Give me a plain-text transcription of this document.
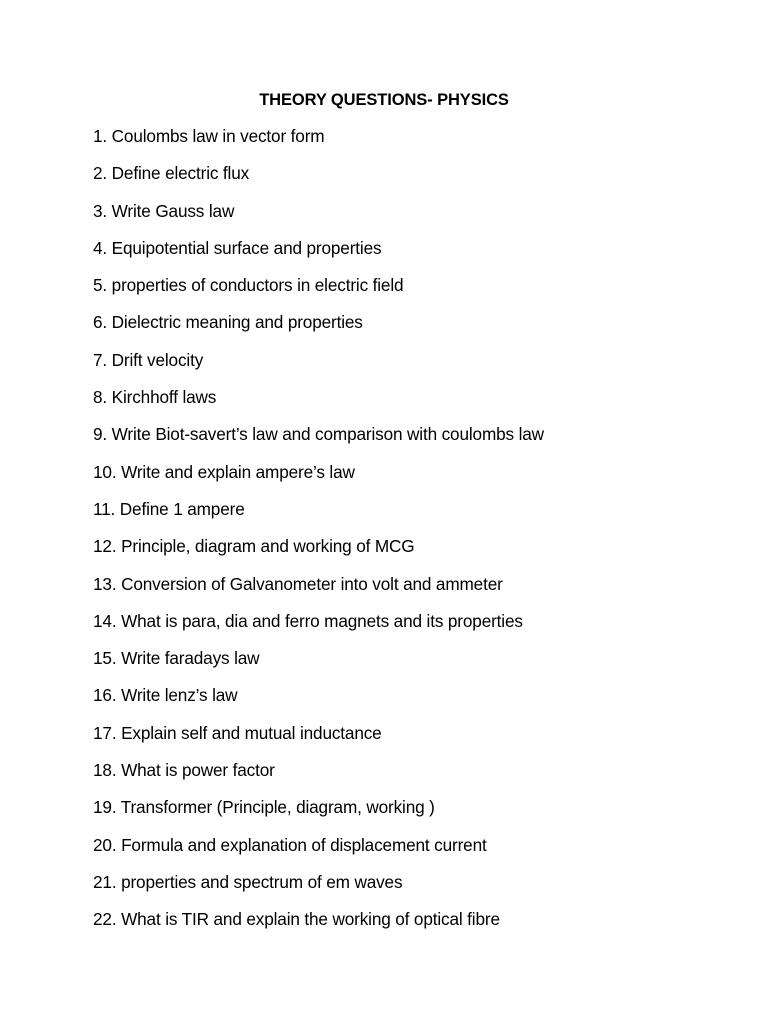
THEORY QUESTIONS- PHYSICS
1. Coulombs law in vector form
2. Define electric flux
3. Write Gauss law
4. Equipotential surface and properties
5. properties of conductors in electric field
6. Dielectric meaning and properties
7. Drift velocity
8. Kirchhoff laws
9. Write Biot-savert’s law and comparison with coulombs law
10. Write and explain ampere’s law
11. Define 1 ampere
12. Principle, diagram and working of MCG
13. Conversion of Galvanometer into volt and ammeter
14. What is para, dia and ferro magnets and its properties
15. Write faradays law
16. Write lenz’s law
17. Explain self and mutual inductance
18. What is power factor
19. Transformer (Principle, diagram, working )
20. Formula and explanation of displacement current
21. properties and spectrum of em waves
22. What is TIR and explain the working of optical fibre
